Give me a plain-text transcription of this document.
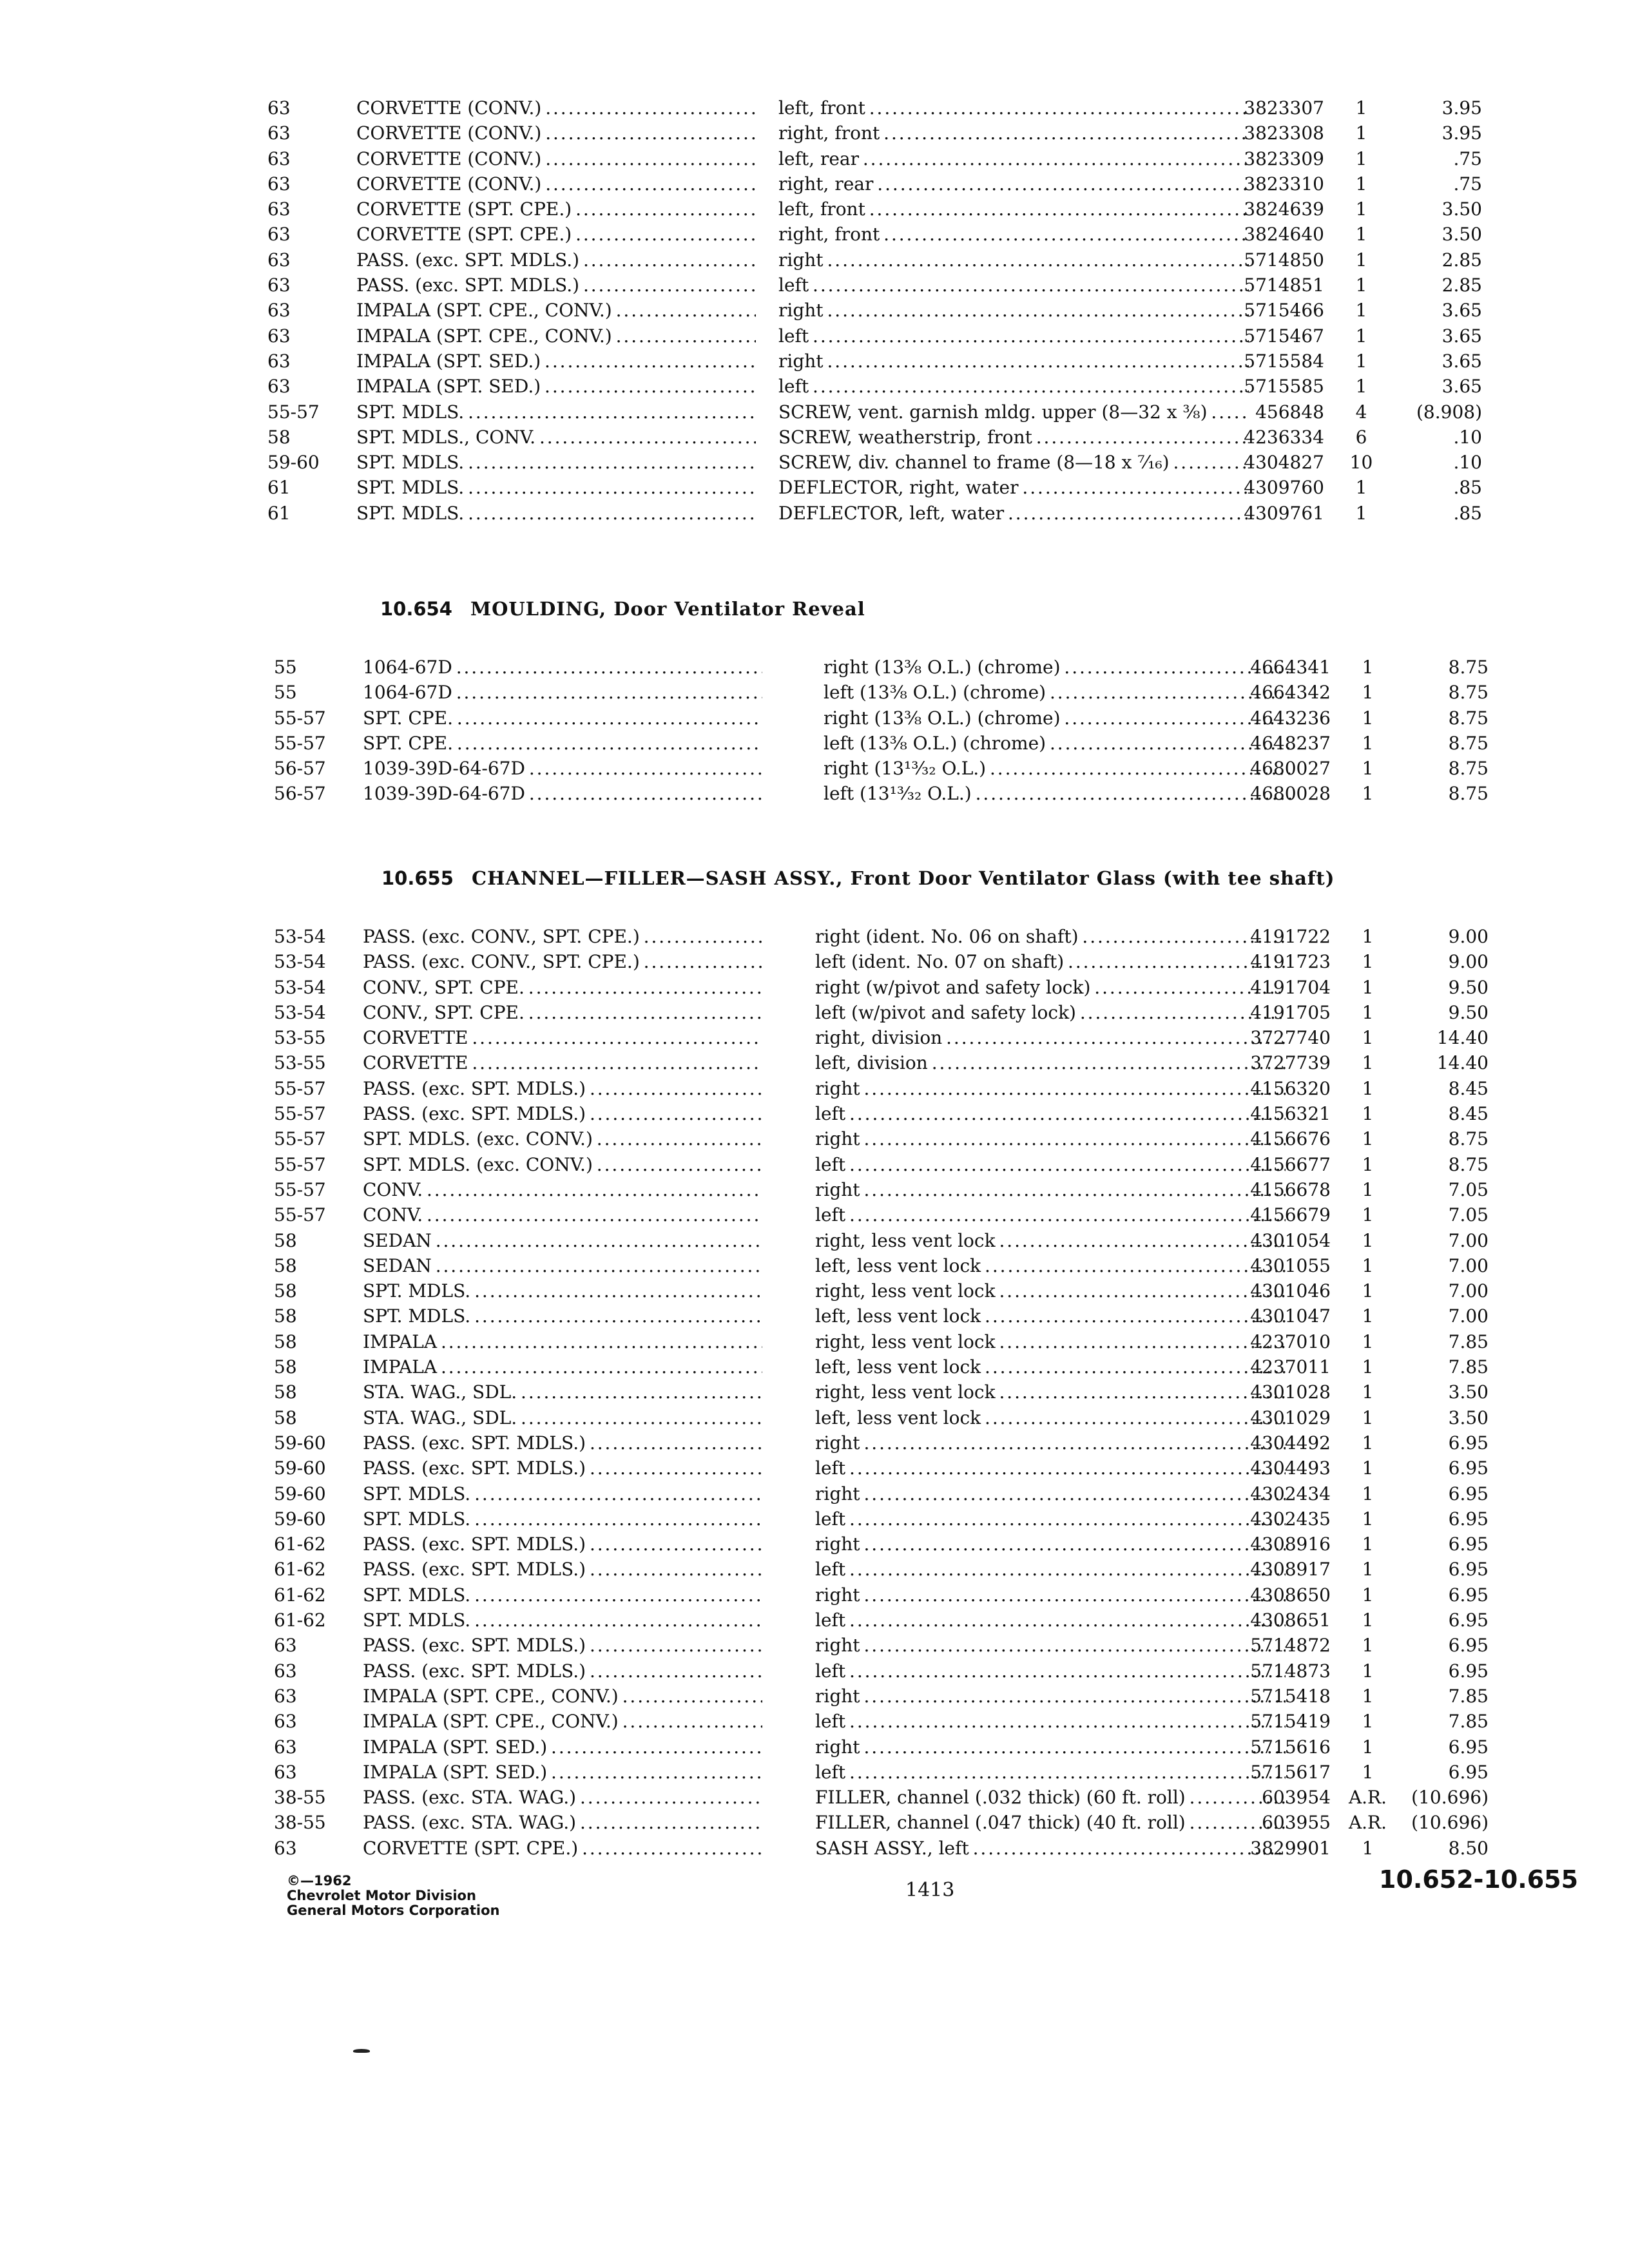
63	CORVETTE (CONV.) . . .	left, front . . .	3823307	1	3.95
63	CORVETTE (CONV.) . . .	right, front . . .	3823308	1	3.95
63	CORVETTE (CONV.) . . .	left, rear . . .	3823309	1	.75
63	CORVETTE (CONV.) . . .	right, rear . . .	3823310	1	.75
63	CORVETTE (SPT. CPE.) . . .	left, front . . .	3824639	1	3.50
63	CORVETTE (SPT. CPE.) . . .	right, front . . .	3824640	1	3.50
63	PASS. (exc. SPT. MDLS.) . . .	right . . .	5714850	1	2.85
63	PASS. (exc. SPT. MDLS.) . . .	left . . .	5714851	1	2.85
63	IMPALA (SPT. CPE., CONV.) . . .	right . . .	5715466	1	3.65
63	IMPALA (SPT. CPE., CONV.) . . .	left . . .	5715467	1	3.65
63	IMPALA (SPT. SED.) . . .	right . . .	5715584	1	3.65
63	IMPALA (SPT. SED.) . . .	left . . .	5715585	1	3.65
55-57	SPT. MDLS. . . .	SCREW, vent. garnish mldg. upper (8—32 x ⅜) . . .	456848	4	(8.908)
58	SPT. MDLS., CONV. . . .	SCREW, weatherstrip, front . . .	4236334	6	.10
59-60	SPT. MDLS. . . .	SCREW, div. channel to frame (8—18 x ⁷⁄₁₆) . . .	4304827	10	.10
61	SPT. MDLS. . . .	DEFLECTOR, right, water . . .	4309760	1	.85
61	SPT. MDLS. . . .	DEFLECTOR, left, water . . .	4309761	1	.85
10.654 MOULDING, Door Ventilator Reveal
55	1064-67D . . .	right (13⅜ O.L.) (chrome) . . .	4664341	1	8.75
55	1064-67D . . .	left (13⅜ O.L.) (chrome) . . .	4664342	1	8.75
55-57	SPT. CPE. . . .	right (13⅜ O.L.) (chrome) . . .	4643236	1	8.75
55-57	SPT. CPE. . . .	left (13⅜ O.L.) (chrome) . . .	4648237	1	8.75
56-57	1039-39D-64-67D . . .	right (13¹³⁄₃₂ O.L.) . . .	4680027	1	8.75
56-57	1039-39D-64-67D . . .	left (13¹³⁄₃₂ O.L.) . . .	4680028	1	8.75
10.655 CHANNEL—FILLER—SASH ASSY., Front Door Ventilator Glass (with tee shaft)
53-54	PASS. (exc. CONV., SPT. CPE.) . . .	right (ident. No. 06 on shaft) . . .	4191722	1	9.00
53-54	PASS. (exc. CONV., SPT. CPE.) . . .	left (ident. No. 07 on shaft) . . .	4191723	1	9.00
53-54	CONV., SPT. CPE. . . .	right (w/pivot and safety lock) . . .	4191704	1	9.50
53-54	CONV., SPT. CPE. . . .	left (w/pivot and safety lock) . . .	4191705	1	9.50
53-55	CORVETTE . . .	right, division . . .	3727740	1	14.40
53-55	CORVETTE . . .	left, division . . .	3727739	1	14.40
55-57	PASS. (exc. SPT. MDLS.) . . .	right . . .	4156320	1	8.45
55-57	PASS. (exc. SPT. MDLS.) . . .	left . . .	4156321	1	8.45
55-57	SPT. MDLS. (exc. CONV.) . . .	right . . .	4156676	1	8.75
55-57	SPT. MDLS. (exc. CONV.) . . .	left . . .	4156677	1	8.75
55-57	CONV. . . .	right . . .	4156678	1	7.05
55-57	CONV. . . .	left . . .	4156679	1	7.05
58	SEDAN . . .	right, less vent lock . . .	4301054	1	7.00
58	SEDAN . . .	left, less vent lock . . .	4301055	1	7.00
58	SPT. MDLS. . . .	right, less vent lock . . .	4301046	1	7.00
58	SPT. MDLS. . . .	left, less vent lock . . .	4301047	1	7.00
58	IMPALA . . .	right, less vent lock . . .	4237010	1	7.85
58	IMPALA . . .	left, less vent lock . . .	4237011	1	7.85
58	STA. WAG., SDL. . . .	right, less vent lock . . .	4301028	1	3.50
58	STA. WAG., SDL. . . .	left, less vent lock . . .	4301029	1	3.50
59-60	PASS. (exc. SPT. MDLS.) . . .	right . . .	4304492	1	6.95
59-60	PASS. (exc. SPT. MDLS.) . . .	left . . .	4304493	1	6.95
59-60	SPT. MDLS. . . .	right . . .	4302434	1	6.95
59-60	SPT. MDLS. . . .	left . . .	4302435	1	6.95
61-62	PASS. (exc. SPT. MDLS.) . . .	right . . .	4308916	1	6.95
61-62	PASS. (exc. SPT. MDLS.) . . .	left . . .	4308917	1	6.95
61-62	SPT. MDLS. . . .	right . . .	4308650	1	6.95
61-62	SPT. MDLS. . . .	left . . .	4308651	1	6.95
63	PASS. (exc. SPT. MDLS.) . . .	right . . .	5714872	1	6.95
63	PASS. (exc. SPT. MDLS.) . . .	left . . .	5714873	1	6.95
63	IMPALA (SPT. CPE., CONV.) . . .	right . . .	5715418	1	7.85
63	IMPALA (SPT. CPE., CONV.) . . .	left . . .	5715419	1	7.85
63	IMPALA (SPT. SED.) . . .	right . . .	5715616	1	6.95
63	IMPALA (SPT. SED.) . . .	left . . .	5715617	1	6.95
38-55	PASS. (exc. STA. WAG.) . . .	FILLER, channel (.032 thick) (60 ft. roll) . . .	603954 A.R.	(10.696)
38-55	PASS. (exc. STA. WAG.) . . .	FILLER, channel (.047 thick) (40 ft. roll) . . .	603955 A.R.	(10.696)
63	CORVETTE (SPT. CPE.) . . .	SASH ASSY., left . . .	3829901	1	8.50
©—1962
Chevrolet Motor Division
General Motors Corporation
1413	10.652-10.655
